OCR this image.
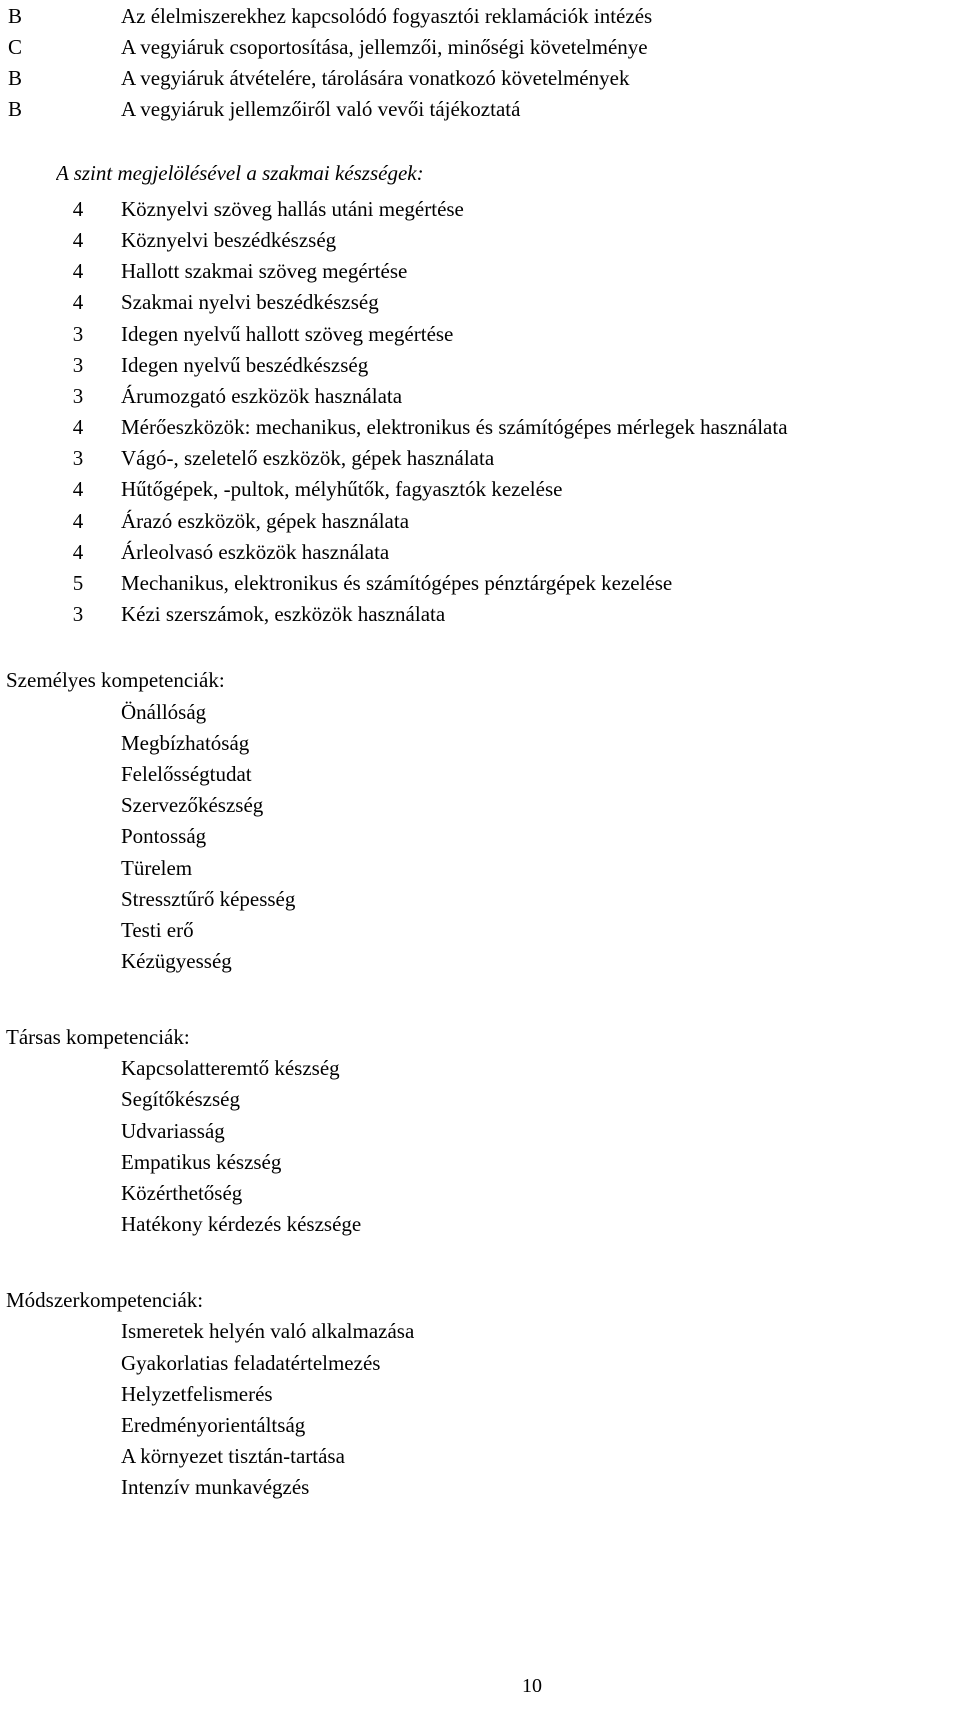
B	Az élelmiszerekhez kapcsolódó fogyasztói reklamációk intézés
C	A vegyiáruk csoportosítása, jellemzői, minőségi követelménye
B	A vegyiáruk átvételére, tárolására vonatkozó követelmények
B	A vegyiáruk jellemzőiről való vevői tájékoztatá
A szint megjelölésével a szakmai készségek:
4	Köznyelvi szöveg hallás utáni megértése
4	Köznyelvi beszédkészség
4	Hallott szakmai szöveg megértése
4	Szakmai nyelvi beszédkészség
3	Idegen nyelvű hallott szöveg megértése
3	Idegen nyelvű beszédkészség
3	Árumozgató eszközök használata
4	Mérőeszközök: mechanikus, elektronikus és számítógépes mérlegek használata
3	Vágó-, szeletelő eszközök, gépek használata
4	Hűtőgépek, -pultok, mélyhűtők, fagyasztók kezelése
4	Árazó eszközök, gépek használata
4	Árleolvasó eszközök használata
5	Mechanikus, elektronikus és számítógépes pénztárgépek kezelése
3	Kézi szerszámok, eszközök használata
Személyes kompetenciák:
Önállóság
Megbízhatóság
Felelősségtudat
Szervezőkészség
Pontosság
Türelem
Stressztűrő képesség
Testi erő
Kézügyesség
Társas kompetenciák:
Kapcsolatteremtő készség
Segítőkészség
Udvariasság
Empatikus készség
Közérthetőség
Hatékony kérdezés készsége
Módszerkompetenciák:
Ismeretek helyén való alkalmazása
Gyakorlatias feladatértelmezés
Helyzetfelismerés
Eredményorientáltság
A környezet tisztán-tartása
Intenzív munkavégzés
10
